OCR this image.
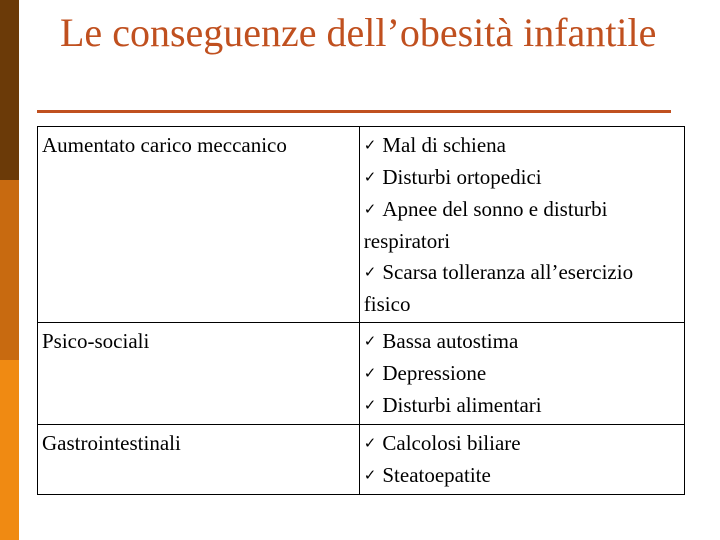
Le conseguenze dell’obesità infantile
Aumentato carico meccanico	✓ Mal di schiena
✓ Disturbi ortopedici
✓ Apnee del sonno e disturbi respiratori
✓ Scarsa tolleranza all’esercizio fisico

Psico-sociali	✓ Bassa autostima
✓ Depressione
✓ Disturbi alimentari

Gastrointestinali	✓ Calcolosi biliare
✓ Steatoepatite
